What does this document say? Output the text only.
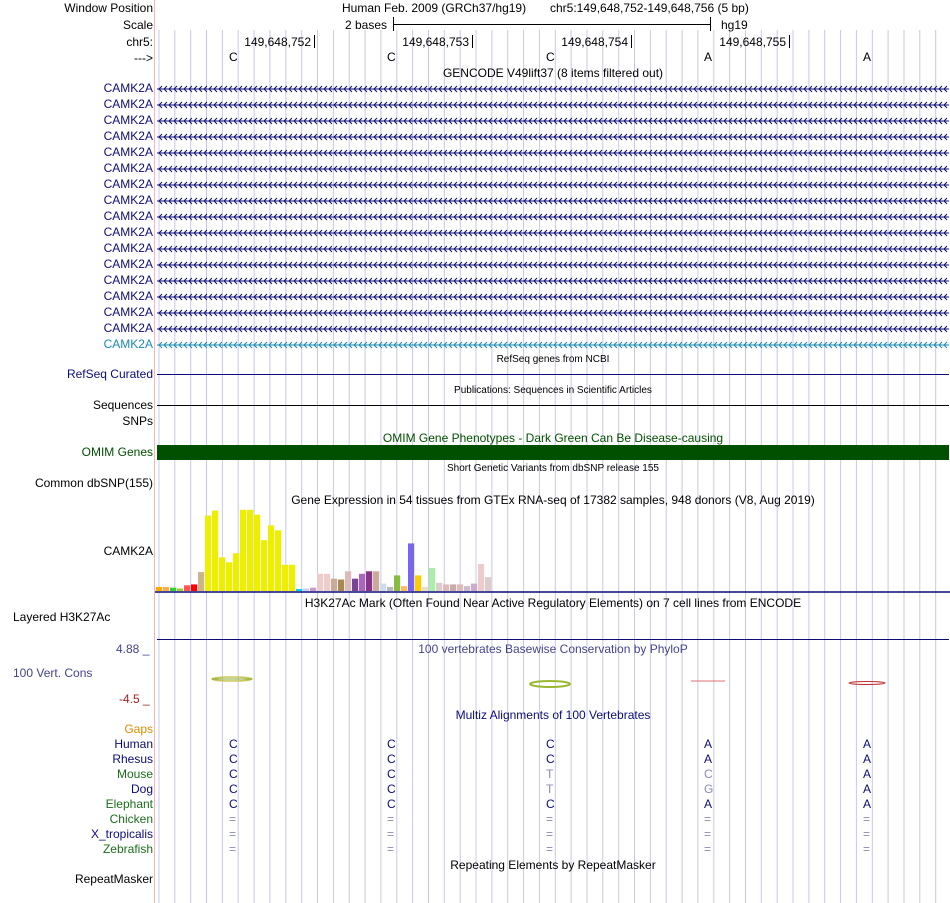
Window Position	Human Feb. 2009 (GRCh37/hg19) chr5:149,648,752-149,648,756 (5 bp)
Scale	2 bases	hg19
chr5:	149,648,752	149,648,753	149,648,754	149,648,755
--->	C	C	C	A	A
GENCODE V49lift37 (8 items filtered out)
CAMK2A
CAMK2A
CAMK2A
CAMK2A
CAMK2A
CAMK2A
CAMK2A
CAMK2A
CAMK2A
CAMK2A
CAMK2A
CAMK2A
CAMK2A
CAMK2A
CAMK2A
CAMK2A
CAMK2A
RefSeq genes from NCBI
RefSeq Curated
Publications: Sequences in Scientific Articles
Sequences
SNPs
OMIM Gene Phenotypes - Dark Green Can Be Disease-causing
OMIM Genes
Short Genetic Variants from dbSNP release 155
Common dbSNP(155)
Gene Expression in 54 tissues from GTEx RNA-seq of 17382 samples, 948 donors (V8, Aug 2019)
CAMK2A
H3K27Ac Mark (Often Found Near Active Regulatory Elements) on 7 cell lines from ENCODE
Layered H3K27Ac
100 vertebrates Basewise Conservation by PhyloP
4.88 _
100 Vert. Cons
-4.5 _
Multiz Alignments of 100 Vertebrates
Gaps
Human	C	C	C	A	A
Rhesus	C	C	C	A	A
Mouse	C	C	T	C	A
Dog	C	C	T	G	A
Elephant	C	C	C	A	A
Chicken	=	=	=	=	=
X_tropicalis	=	=	=	=	=
Zebrafish	=	=	=	=	=
Repeating Elements by RepeatMasker
RepeatMasker
